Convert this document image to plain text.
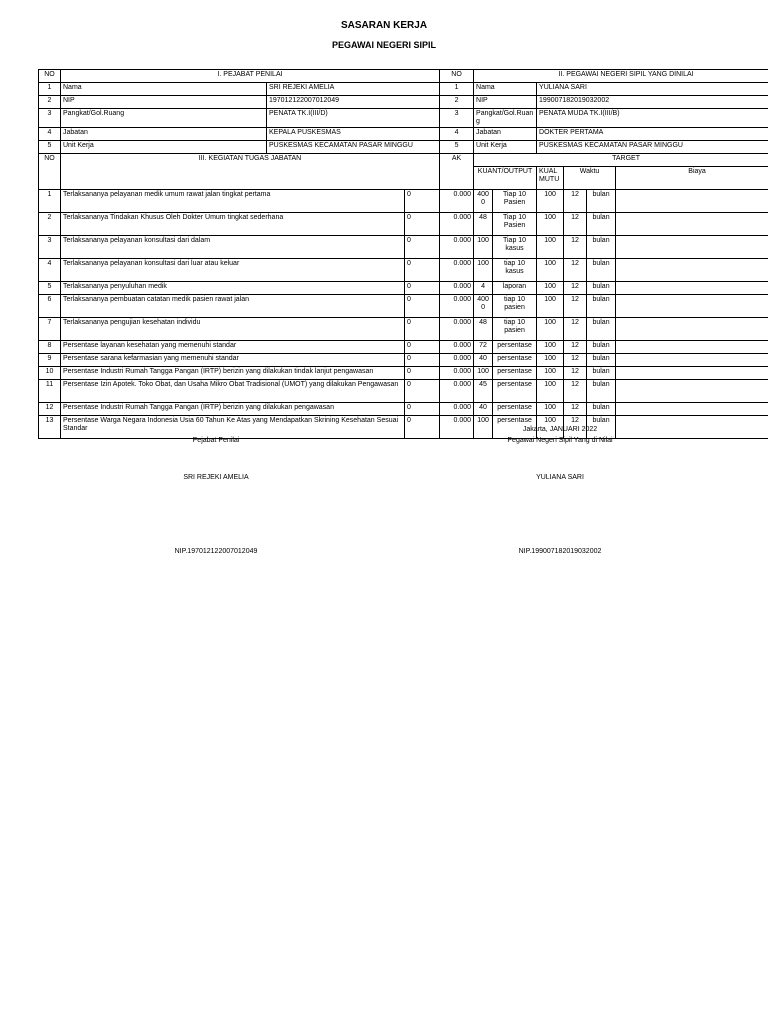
SASARAN KERJA
PEGAWAI NEGERI SIPIL
NO	I. PEJABAT PENILAI			NO	II. PEGAWAI NEGERI SIPIL YANG DINILAI					
1	Nama	SRI REJEKI AMELIA		1	Nama		YULIANA SARI			
2	NIP	197012122007012049		2	NIP		199007182019032002			
3	Pangkat/Gol.Ruang	PENATA TK.I(III/D)		3	Pangkat/Gol.Ruang		PENATA MUDA TK.I(III/B)			
4	Jabatan	KEPALA PUSKESMAS		4	Jabatan		DOKTER PERTAMA			
5	Unit Kerja	PUSKESMAS KECAMATAN PASAR MINGGU		5	Unit Kerja		PUSKESMAS KECAMATAN PASAR MINGGU			
NO	III. KEGIATAN TUGAS JABATAN			AK	TARGET					
					KUANT/OUTPUT		KUAL MUTU	Waktu		Biaya
1	Terlaksananya pelayanan medik umum rawat jalan tingkat pertama		0	0.000	4000	Tiap 10 Pasien	100	12	bulan	
2	Terlaksananya Tindakan Khusus Oleh Dokter Umum tingkat sederhana		0	0.000	48	Tiap 10 Pasien	100	12	bulan	
3	Terlaksananya pelayanan konsultasi dari dalam		0	0.000	100	Tiap 10 kasus	100	12	bulan	
4	Terlaksananya pelayanan konsultasi dari luar atau keluar		0	0.000	100	tiap 10 kasus	100	12	bulan	
5	Terlaksananya penyuluhan medik		0	0.000	4	laporan	100	12	bulan	
6	Terlaksananya pembuatan catatan medik pasien rawat jalan		0	0.000	4000	tiap 10 pasien	100	12	bulan	
7	Terlaksananya pengujian kesehatan individu		0	0.000	48	tiap 10 pasien	100	12	bulan	
8	Persentase layanan kesehatan yang memenuhi standar		0	0.000	72	persentase	100	12	bulan	
9	Persentase sarana kefarmasian yang memenuhi standar		0	0.000	40	persentase	100	12	bulan	
10	Persentase Industri Rumah Tangga Pangan (IRTP) berizin yang dilakukan tindak lanjut pengawasan		0	0.000	100	persentase	100	12	bulan	
11	Persentase Izin Apotek. Toko Obat, dan Usaha Mikro Obat Tradisional (UMOT) yang dilakukan Pengawasan		0	0.000	45	persentase	100	12	bulan	
12	Persentase Industri Rumah Tangga Pangan (IRTP) berizin yang dilakukan pengawasan		0	0.000	40	persentase	100	12	bulan	
13	Persentase Warga Negara Indonesia Usia 60 Tahun Ke Atas yang Mendapatkan Skrining Kesehatan Sesuai Standar		0	0.000	100	persentase	100	12	bulan	
Jakarta, JANUARI 2022
Pejabat Penilai	Pegawai Negeri Sipil Yang di Nilai
SRI REJEKI AMELIA	YULIANA SARI
NIP.197012122007012049	NIP.199007182019032002
